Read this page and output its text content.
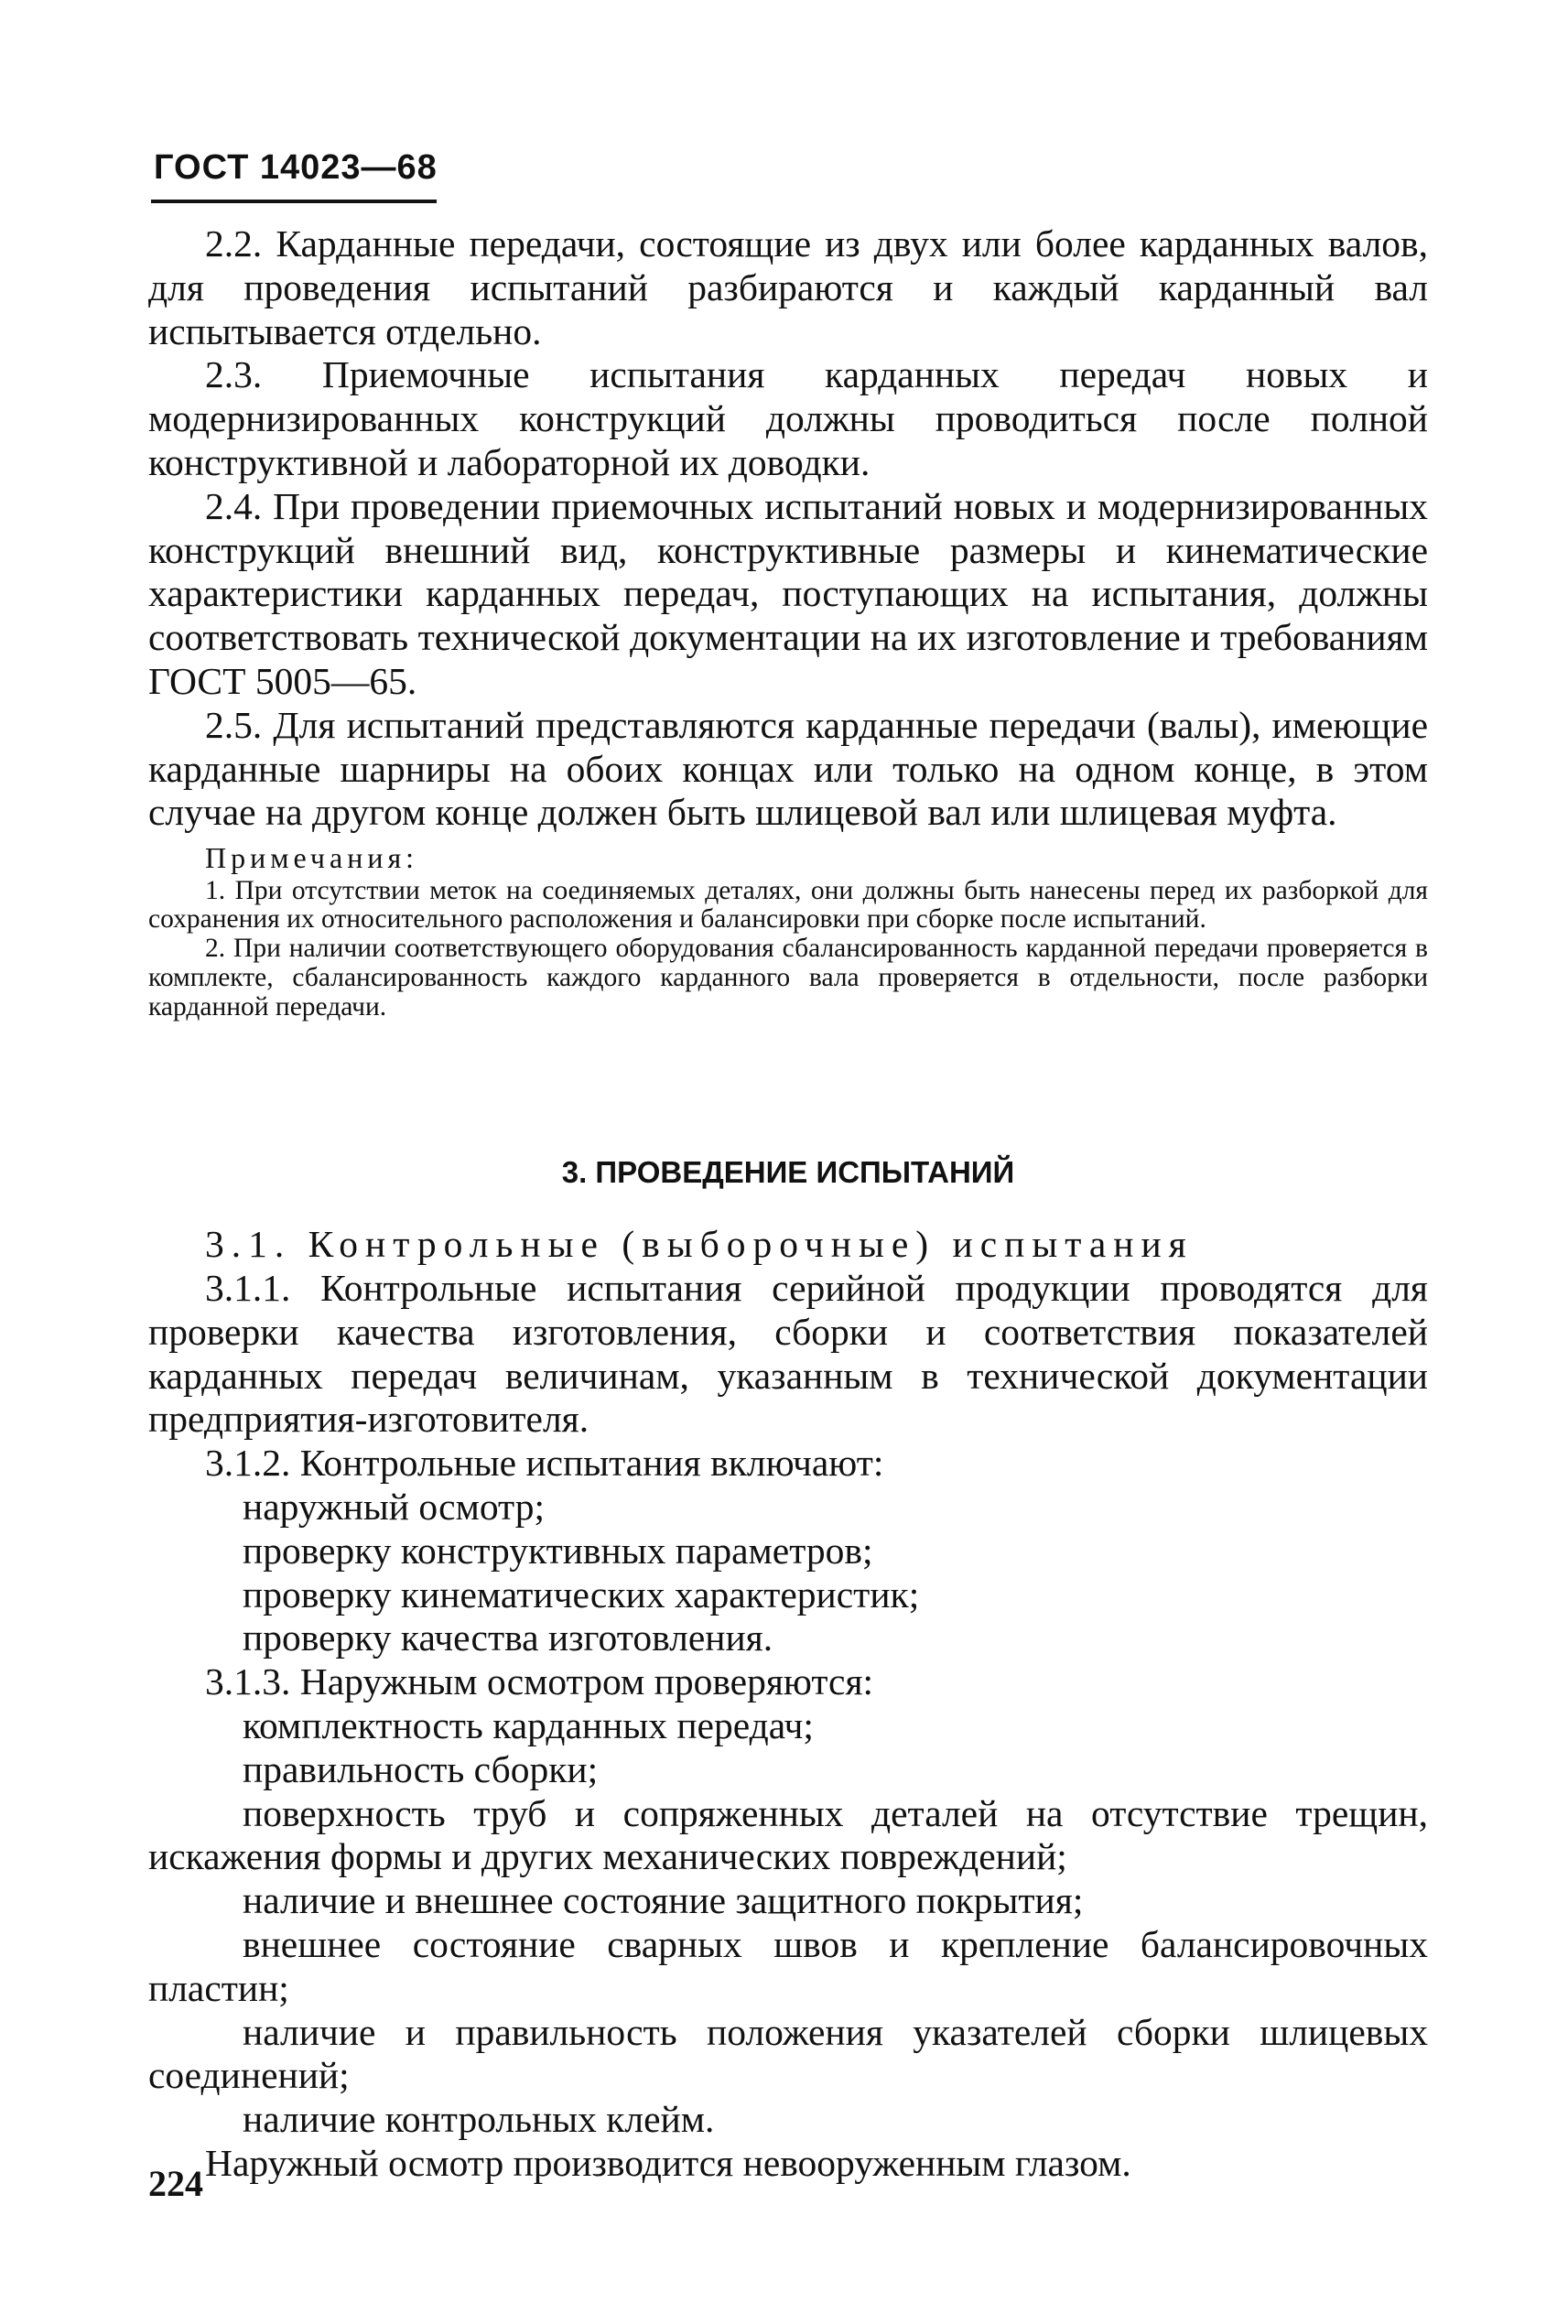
ГОСТ 14023—68

2.2. Карданные передачи, состоящие из двух или более карданных валов, для проведения испытаний разбираются и каждый карданный вал испытывается отдельно.

2.3. Приемочные испытания карданных передач новых и модернизированных конструкций должны проводиться после полной конструктивной и лабораторной их доводки.

2.4. При проведении приемочных испытаний новых и модернизированных конструкций внешний вид, конструктивные размеры и кинематические характеристики карданных передач, поступающих на испытания, должны соответствовать технической документации на их изготовление и требованиям ГОСТ 5005—65.

2.5. Для испытаний представляются карданные передачи (валы), имеющие карданные шарниры на обоих концах или только на одном конце, в этом случае на другом конце должен быть шлицевой вал или шлицевая муфта.

Примечания:

1. При отсутствии меток на соединяемых деталях, они должны быть нанесены перед их разборкой для сохранения их относительного расположения и балансировки при сборке после испытаний.

2. При наличии соответствующего оборудования сбалансированность карданной передачи проверяется в комплекте, сбалансированность каждого карданного вала проверяется в отдельности, после разборки карданной передачи.

3. ПРОВЕДЕНИЕ ИСПЫТАНИЙ
3.1. Контрольные (выборочные) испытания

3.1.1. Контрольные испытания серийной продукции проводятся для проверки качества изготовления, сборки и соответствия показателей карданных передач величинам, указанным в технической документации предприятия-изготовителя.

3.1.2. Контрольные испытания включают:

наружный осмотр;

проверку конструктивных параметров;

проверку кинематических характеристик;

проверку качества изготовления.

3.1.3. Наружным осмотром проверяются:

комплектность карданных передач;

правильность сборки;

поверхность труб и сопряженных деталей на отсутствие трещин, искажения формы и других механических повреждений;

наличие и внешнее состояние защитного покрытия;

внешнее состояние сварных швов и крепление балансировочных пластин;

наличие и правильность положения указателей сборки шлицевых соединений;

наличие контрольных клейм.

Наружный осмотр производится невооруженным глазом.

224
